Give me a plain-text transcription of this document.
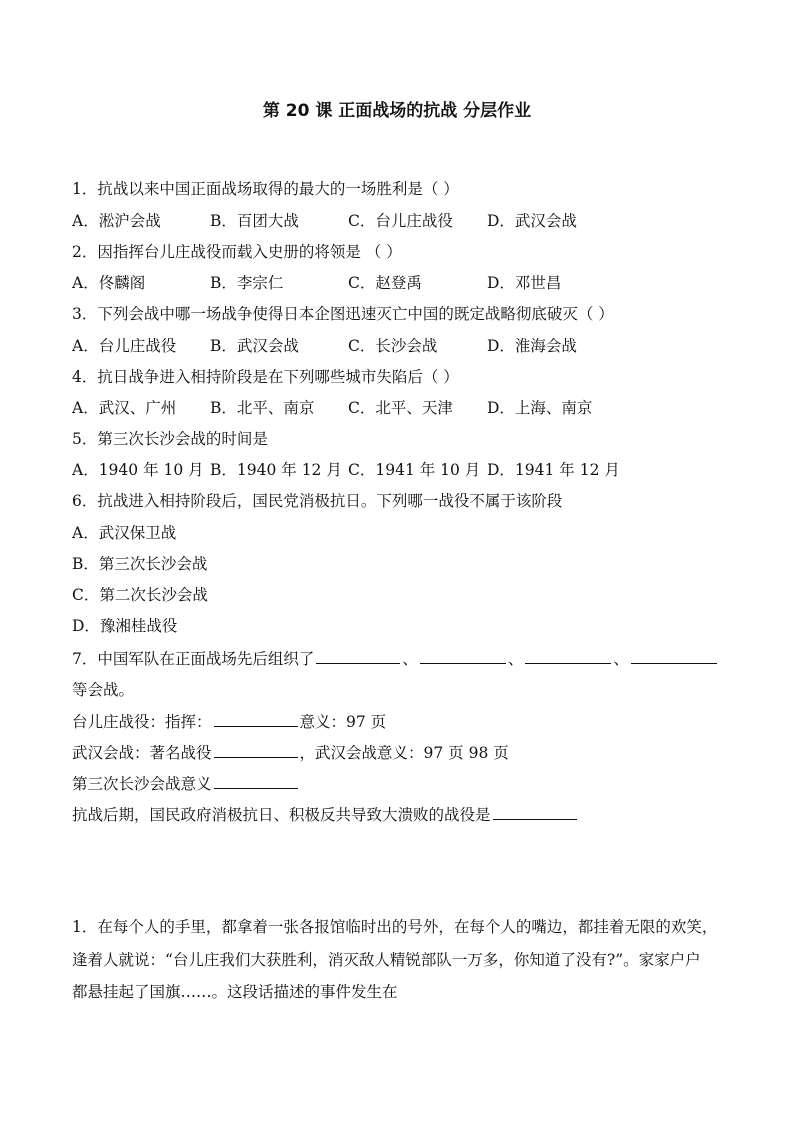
第 20 课 正面战场的抗战 分层作业
1．抗战以来中国正面战场取得的最大的一场胜利是（ ）
A．淞沪会战	B．百团大战	C．台儿庄战役 D．武汉会战
2．因指挥台儿庄战役而载入史册的将领是 （ ）
A．佟麟阁	B．李宗仁	C．赵登禹	D．邓世昌
3．下列会战中哪一场战争使得日本企图迅速灭亡中国的既定战略彻底破灭（ ）
A．台儿庄战役 B．武汉会战	C．长沙会战	D．淮海会战
4．抗日战争进入相持阶段是在下列哪些城市失陷后（ ）
A．武汉、广州 B．北平、南京 C．北平、天津 D．上海、南京
5．第三次长沙会战的时间是
A．1940 年 10 月 B．1940 年 12 月 C．1941 年 10 月 D．1941 年 12 月
6．抗战进入相持阶段后，国民党消极抗日。下列哪一战役不属于该阶段
A．武汉保卫战
B．第三次长沙会战
C．第二次长沙会战
D．豫湘桂战役
7．中国军队在正面战场先后组织了	、	、	、
等会战。
台儿庄战役：指挥：	意义：97 页
武汉会战：著名战役	，武汉会战意义：97 页 98 页
第三次长沙会战意义
抗战后期，国民政府消极抗日、积极反共导致大溃败的战役是
1．在每个人的手里，都拿着一张各报馆临时出的号外，在每个人的嘴边，都挂着无限的欢笑，
逢着人就说：“台儿庄我们大获胜利，消灭敌人精锐部队一万多，你知道了没有?”。家家户户
都悬挂起了国旗……。这段话描述的事件发生在
